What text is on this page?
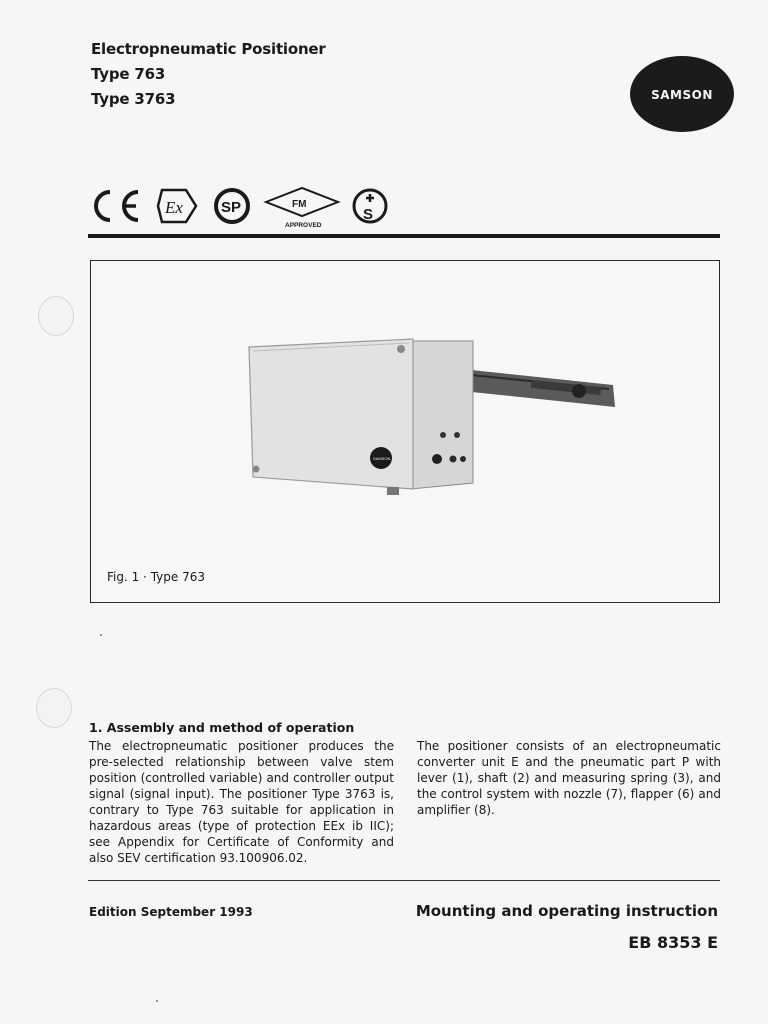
Electropneumatic Positioner
Type 763
Type 3763	samson
Ex	SP	FM
APPROVED
S
SAMSON
Fig. 1 · Type 763
1. Assembly and method of operation
The electropneumatic positioner produces the pre-selected relationship between valve stem position (controlled variable) and controller output signal (signal input). The positioner Type 3763 is, contrary to Type 763 suitable for application in hazardous areas (type of protection EEx ib IIC); see Appendix for Certificate of Conformity and also SEV certification 93.100906.02.
The positioner consists of an electropneumatic converter unit E and the pneumatic part P with lever (1), shaft (2) and measuring spring (3), and the control system with nozzle (7), flapper (6) and amplifier (8).
Edition September 1993	Mounting and operating instruction
EB 8353 E
